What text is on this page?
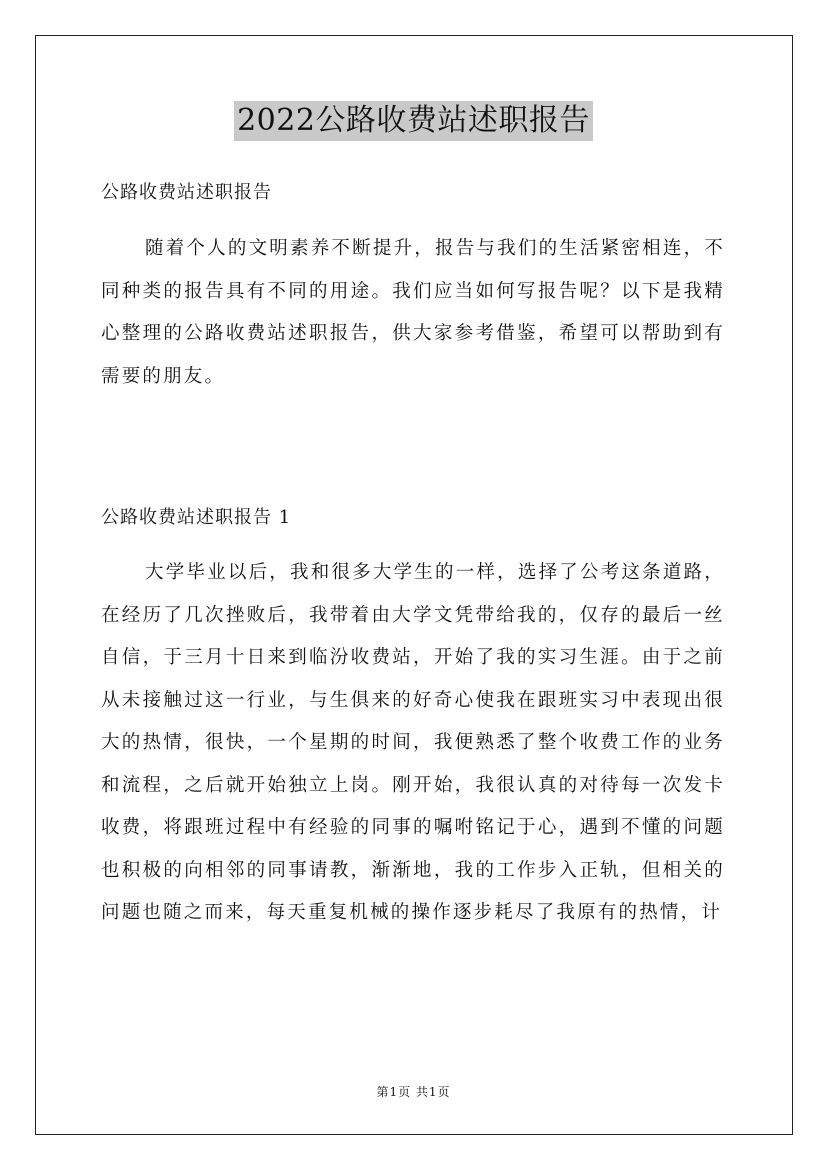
2022公路收费站述职报告
公路收费站述职报告

随着个人的文明素养不断提升，报告与我们的生活紧密相连，不同种类的报告具有不同的用途。我们应当如何写报告呢？以下是我精心整理的公路收费站述职报告，供大家参考借鉴，希望可以帮助到有需要的朋友。

公路收费站述职报告 1

大学毕业以后，我和很多大学生的一样，选择了公考这条道路，在经历了几次挫败后，我带着由大学文凭带给我的，仅存的最后一丝自信，于三月十日来到临汾收费站，开始了我的实习生涯。由于之前从未接触过这一行业，与生俱来的好奇心使我在跟班实习中表现出很大的热情，很快，一个星期的时间，我便熟悉了整个收费工作的业务和流程，之后就开始独立上岗。刚开始，我很认真的对待每一次发卡收费，将跟班过程中有经验的同事的嘱咐铭记于心，遇到不懂的问题也积极的向相邻的同事请教，渐渐地，我的工作步入正轨，但相关的问题也随之而来，每天重复机械的操作逐步耗尽了我原有的热情，计

第1页 共1页
